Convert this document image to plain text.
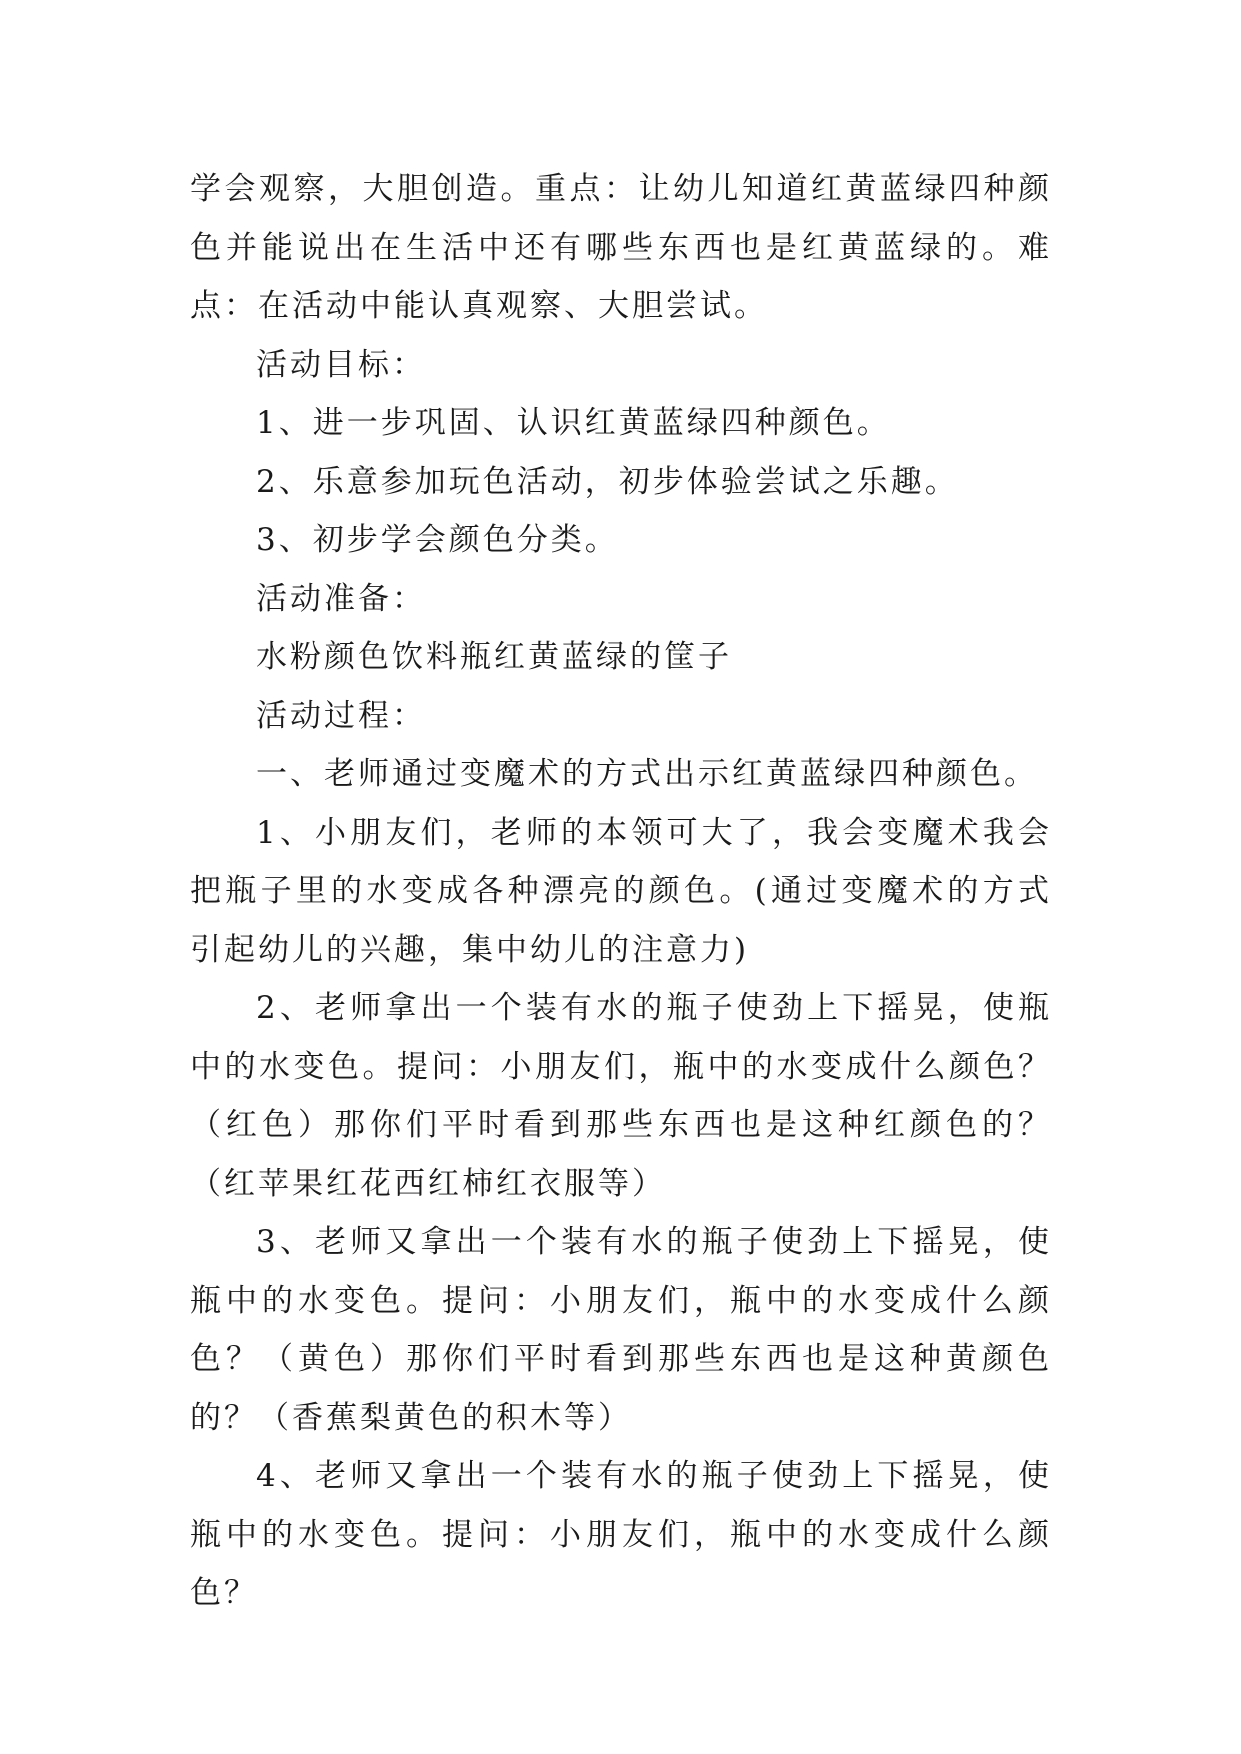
学会观察，大胆创造。重点：让幼儿知道红黄蓝绿四种颜色并能说出在生活中还有哪些东西也是红黄蓝绿的。难点：在活动中能认真观察、大胆尝试。

活动目标：

1、进一步巩固、认识红黄蓝绿四种颜色。

2、乐意参加玩色活动，初步体验尝试之乐趣。

3、初步学会颜色分类。

活动准备：

水粉颜色饮料瓶红黄蓝绿的筐子

活动过程：

一、老师通过变魔术的方式出示红黄蓝绿四种颜色。

1、小朋友们，老师的本领可大了，我会变魔术我会把瓶子里的水变成各种漂亮的颜色。(通过变魔术的方式引起幼儿的兴趣，集中幼儿的注意力)

2、老师拿出一个装有水的瓶子使劲上下摇晃，使瓶中的水变色。提问：小朋友们，瓶中的水变成什么颜色？（红色）那你们平时看到那些东西也是这种红颜色的？（红苹果红花西红柿红衣服等）

3、老师又拿出一个装有水的瓶子使劲上下摇晃，使瓶中的水变色。提问：小朋友们，瓶中的水变成什么颜色？（黄色）那你们平时看到那些东西也是这种黄颜色的？（香蕉梨黄色的积木等）

4、老师又拿出一个装有水的瓶子使劲上下摇晃，使瓶中的水变色。提问：小朋友们，瓶中的水变成什么颜色？
